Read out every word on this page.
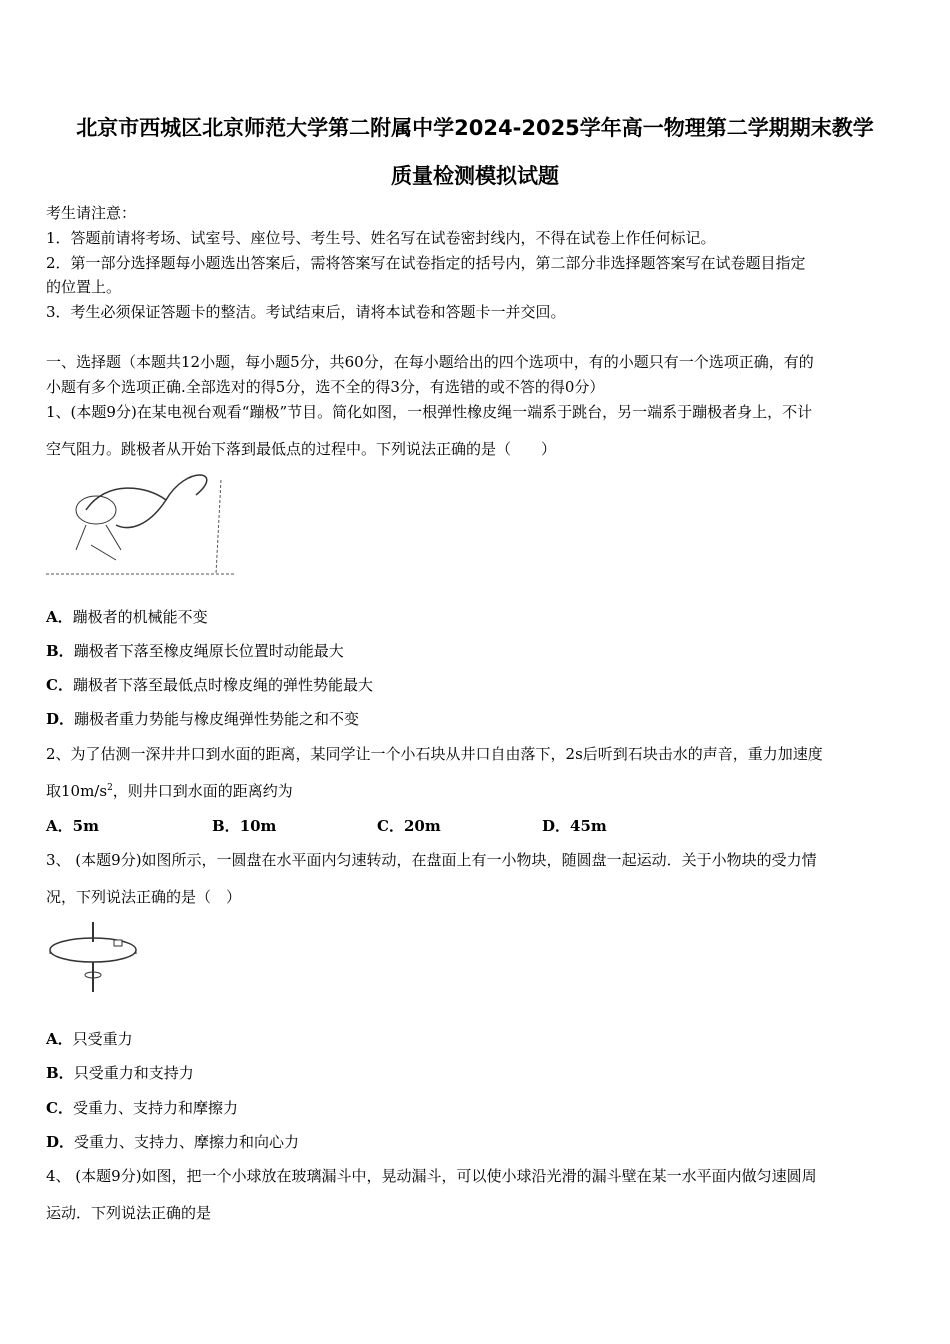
北京市西城区北京师范大学第二附属中学2024-2025学年高一物理第二学期期末教学
质量检测模拟试题
考生请注意：
1．答题前请将考场、试室号、座位号、考生号、姓名写在试卷密封线内，不得在试卷上作任何标记。
2．第一部分选择题每小题选出答案后，需将答案写在试卷指定的括号内，第二部分非选择题答案写在试卷题目指定
的位置上。
3．考生必须保证答题卡的整洁。考试结束后，请将本试卷和答题卡一并交回。
一、选择题（本题共12小题，每小题5分，共60分，在每小题给出的四个选项中，有的小题只有一个选项正确，有的
小题有多个选项正确.全部选对的得5分，选不全的得3分，有选错的或不答的得0分）
1、(本题9分)在某电视台观看“蹦极”节目。简化如图，一根弹性橡皮绳一端系于跳台，另一端系于蹦极者身上，不计
空气阻力。跳极者从开始下落到最低点的过程中。下列说法正确的是（　　）
A．蹦极者的机械能不变
B．蹦极者下落至橡皮绳原长位置时动能最大
C．蹦极者下落至最低点时橡皮绳的弹性势能最大
D．蹦极者重力势能与橡皮绳弹性势能之和不变
2、为了估测一深井井口到水面的距离，某同学让一个小石块从井口自由落下，2s后听到石块击水的声音，重力加速度
取$10m/s^2$，则井口到水面的距离约为
A．5m	B．10m	C．20m	D．45m
3、 (本题9分)如图所示，一圆盘在水平面内匀速转动，在盘面上有一小物块，随圆盘一起运动．关于小物块的受力情
况，下列说法正确的是（　）
A．只受重力
B．只受重力和支持力
C．受重力、支持力和摩擦力
D．受重力、支持力、摩擦力和向心力
4、 (本题9分)如图，把一个小球放在玻璃漏斗中，晃动漏斗，可以使小球沿光滑的漏斗壁在某一水平面内做匀速圆周
运动．下列说法正确的是
